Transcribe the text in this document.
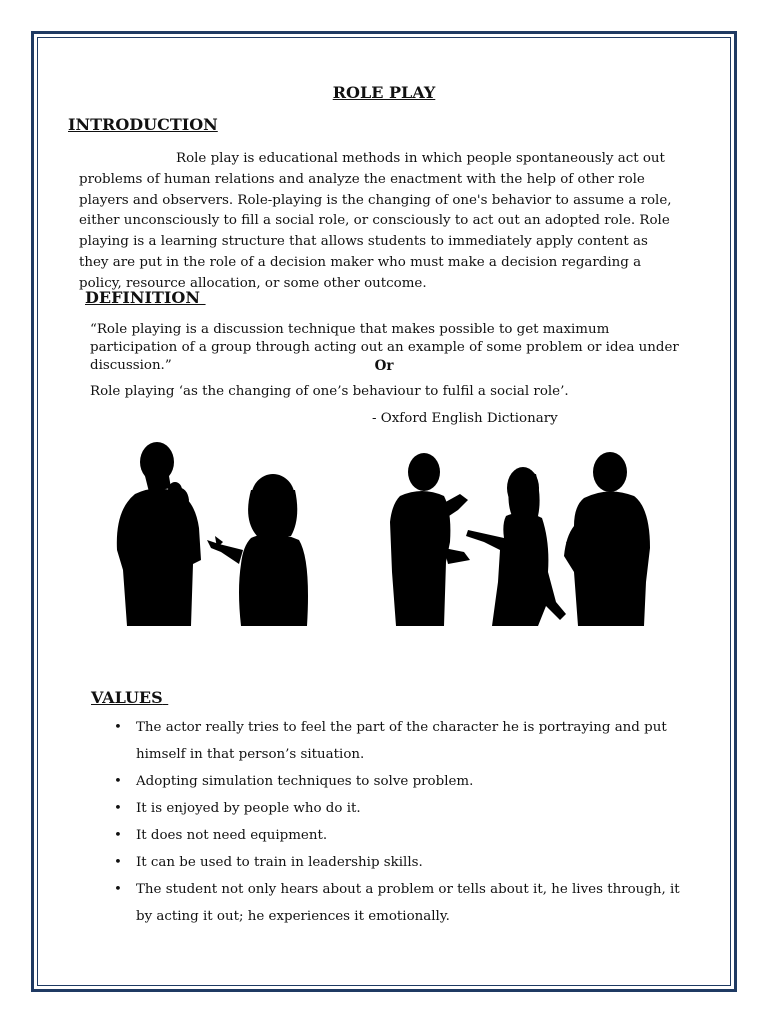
ROLE PLAY
INTRODUCTION
Role play is educational methods in which people spontaneously act out problems of human relations and analyze the enactment with the help of other role players and observers. Role-playing is the changing of one's behavior to assume a role, either unconsciously to fill a social role, or consciously to act out an adopted role. Role playing is a learning structure that allows students to immediately apply content as they are put in the role of a decision maker who must make a decision regarding a policy, resource allocation, or some other outcome.
DEFINITION
“Role playing is a discussion technique that makes possible to get maximum participation of a group through acting out an example of some problem or idea under discussion.”	Or
Role playing ‘as the changing of one’s behaviour to fulfil a social role’.
- Oxford English Dictionary
VALUES
• The actor really tries to feel the part of the character he is portraying and put himself in that person’s situation.
• Adopting simulation techniques to solve problem.
• It is enjoyed by people who do it.
• It does not need equipment.
• It can be used to train in leadership skills.
• The student not only hears about a problem or tells about it, he lives through, it by acting it out; he experiences it emotionally.
